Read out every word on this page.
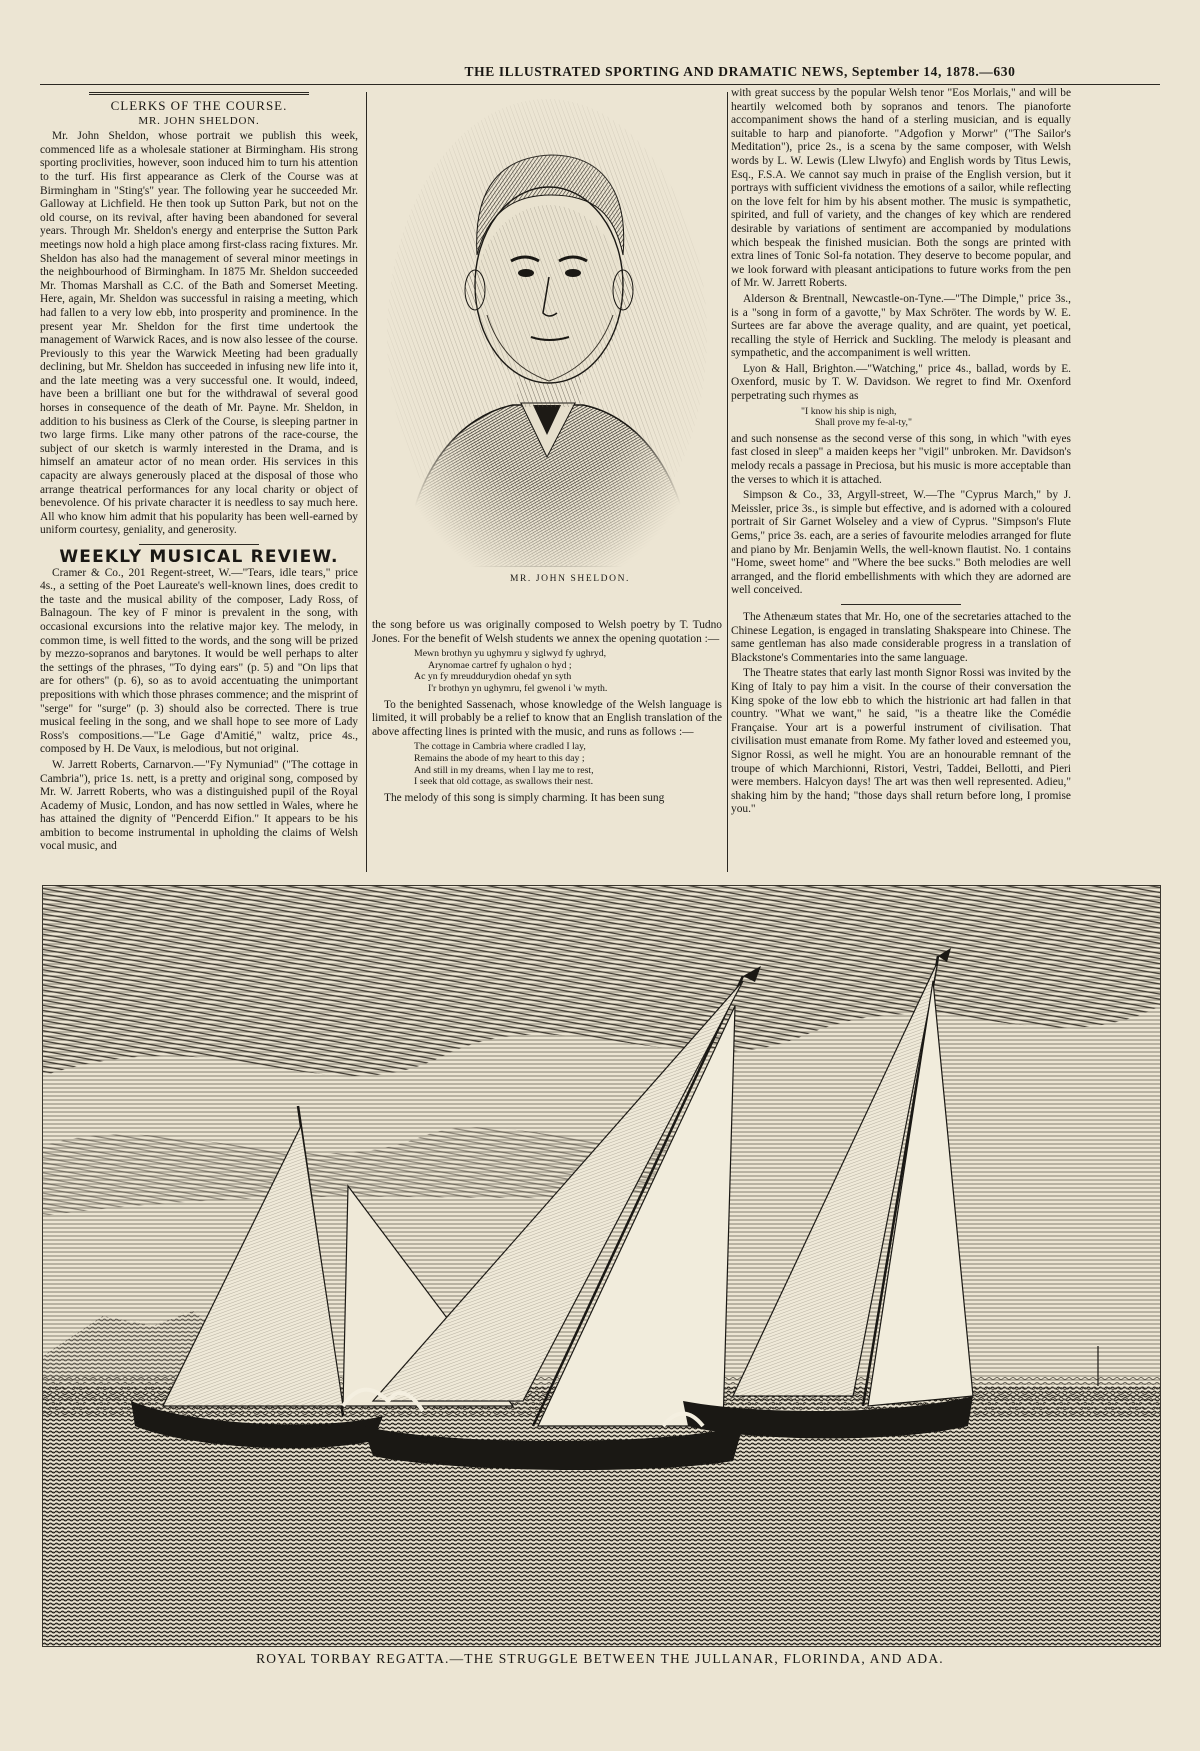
THE ILLUSTRATED SPORTING AND DRAMATIC NEWS, September 14, 1878.—630

CLERKS OF THE COURSE.

MR. JOHN SHELDON.

Mr. John Sheldon, whose portrait we publish this week, commenced life as a wholesale stationer at Birmingham. His strong sporting proclivities, however, soon induced him to turn his attention to the turf. His first appearance as Clerk of the Course was at Birmingham in "Sting's" year. The following year he succeeded Mr. Galloway at Lichfield. He then took up Sutton Park, but not on the old course, on its revival, after having been abandoned for several years. Through Mr. Sheldon's energy and enterprise the Sutton Park meetings now hold a high place among first-class racing fixtures. Mr. Sheldon has also had the management of several minor meetings in the neighbourhood of Birmingham. In 1875 Mr. Sheldon succeeded Mr. Thomas Marshall as C.C. of the Bath and Somerset Meeting. Here, again, Mr. Sheldon was successful in raising a meeting, which had fallen to a very low ebb, into prosperity and prominence. In the present year Mr. Sheldon for the first time undertook the management of Warwick Races, and is now also lessee of the course. Previously to this year the Warwick Meeting had been gradually declining, but Mr. Sheldon has succeeded in infusing new life into it, and the late meeting was a very successful one. It would, indeed, have been a brilliant one but for the withdrawal of several good horses in consequence of the death of Mr. Payne. Mr. Sheldon, in addition to his business as Clerk of the Course, is sleeping partner in two large firms. Like many other patrons of the race-course, the subject of our sketch is warmly interested in the Drama, and is himself an amateur actor of no mean order. His services in this capacity are always generously placed at the disposal of those who arrange theatrical performances for any local charity or object of benevolence. Of his private character it is needless to say much here. All who know him admit that his popularity has been well-earned by uniform courtesy, geniality, and generosity.

WEEKLY MUSICAL REVIEW.

Cramer & Co., 201 Regent-street, W.—"Tears, idle tears," price 4s., a setting of the Poet Laureate's well-known lines, does credit to the taste and the musical ability of the composer, Lady Ross, of Balnagoun. The key of F minor is prevalent in the song, with occasional excursions into the relative major key. The melody, in common time, is well fitted to the words, and the song will be prized by mezzo-sopranos and barytones. It would be well perhaps to alter the settings of the phrases, "To dying ears" (p. 5) and "On lips that are for others" (p. 6), so as to avoid accentuating the unimportant prepositions with which those phrases commence; and the misprint of "serge" for "surge" (p. 3) should also be corrected. There is true musical feeling in the song, and we shall hope to see more of Lady Ross's compositions.—"Le Gage d'Amitié," waltz, price 4s., composed by H. De Vaux, is melodious, but not original.

W. Jarrett Roberts, Carnarvon.—"Fy Nymuniad" ("The cottage in Cambria"), price 1s. nett, is a pretty and original song, composed by Mr. W. Jarrett Roberts, who was a distinguished pupil of the Royal Academy of Music, London, and has now settled in Wales, where he has attained the dignity of "Pencerdd Eifion." It appears to be his ambition to become instrumental in upholding the claims of Welsh vocal music, and

MR. JOHN SHELDON.

the song before us was originally composed to Welsh poetry by T. Tudno Jones. For the benefit of Welsh students we annex the opening quotation :—

Mewn brothyn yu ughymru y siglwyd fy ughryd,
Arynomae cartref fy ughalon o hyd ;
Ac yn fy mreuddurydion ohedaf yn syth
I'r brothyn yn ughymru, fel gwenol i 'w myth.

To the benighted Sassenach, whose knowledge of the Welsh language is limited, it will probably be a relief to know that an English translation of the above affecting lines is printed with the music, and runs as follows :—

The cottage in Cambria where cradled I lay,
Remains the abode of my heart to this day ;
And still in my dreams, when I lay me to rest,
I seek that old cottage, as swallows their nest.

The melody of this song is simply charming. It has been sung

with great success by the popular Welsh tenor "Eos Morlais," and will be heartily welcomed both by sopranos and tenors. The pianoforte accompaniment shows the hand of a sterling musician, and is equally suitable to harp and pianoforte. "Adgofion y Morwr" ("The Sailor's Meditation"), price 2s., is a scena by the same composer, with Welsh words by L. W. Lewis (Llew Llwyfo) and English words by Titus Lewis, Esq., F.S.A. We cannot say much in praise of the English version, but it portrays with sufficient vividness the emotions of a sailor, while reflecting on the love felt for him by his absent mother. The music is sympathetic, spirited, and full of variety, and the changes of key which are rendered desirable by variations of sentiment are accompanied by modulations which bespeak the finished musician. Both the songs are printed with extra lines of Tonic Sol-fa notation. They deserve to become popular, and we look forward with pleasant anticipations to future works from the pen of Mr. W. Jarrett Roberts.

Alderson & Brentnall, Newcastle-on-Tyne.—"The Dimple," price 3s., is a "song in form of a gavotte," by Max Schröter. The words by W. E. Surtees are far above the average quality, and are quaint, yet poetical, recalling the style of Herrick and Suckling. The melody is pleasant and sympathetic, and the accompaniment is well written.

Lyon & Hall, Brighton.—"Watching," price 4s., ballad, words by E. Oxenford, music by T. W. Davidson. We regret to find Mr. Oxenford perpetrating such rhymes as

"I know his ship is nigh,
Shall prove my fe-al-ty,"

and such nonsense as the second verse of this song, in which "with eyes fast closed in sleep" a maiden keeps her "vigil" unbroken. Mr. Davidson's melody recals a passage in Preciosa, but his music is more acceptable than the verses to which it is attached.

Simpson & Co., 33, Argyll-street, W.—The "Cyprus March," by J. Meissler, price 3s., is simple but effective, and is adorned with a coloured portrait of Sir Garnet Wolseley and a view of Cyprus. "Simpson's Flute Gems," price 3s. each, are a series of favourite melodies arranged for flute and piano by Mr. Benjamin Wells, the well-known flautist. No. 1 contains "Home, sweet home" and "Where the bee sucks." Both melodies are well arranged, and the florid embellishments with which they are adorned are well conceived.

The Athenæum states that Mr. Ho, one of the secretaries attached to the Chinese Legation, is engaged in translating Shakspeare into Chinese. The same gentleman has also made considerable progress in a translation of Blackstone's Commentaries into the same language.

The Theatre states that early last month Signor Rossi was invited by the King of Italy to pay him a visit. In the course of their conversation the King spoke of the low ebb to which the histrionic art had fallen in that country. "What we want," he said, "is a theatre like the Comédie Française. Your art is a powerful instrument of civilisation. That civilisation must emanate from Rome. My father loved and esteemed you, Signor Rossi, as well he might. You are an honourable remnant of the troupe of which Marchionni, Ristori, Vestri, Taddei, Bellotti, and Pieri were members. Halcyon days! The art was then well represented. Adieu," shaking him by the hand; "those days shall return before long, I promise you."

ROYAL TORBAY REGATTA.—THE STRUGGLE BETWEEN THE JULLANAR, FLORINDA, AND ADA.
